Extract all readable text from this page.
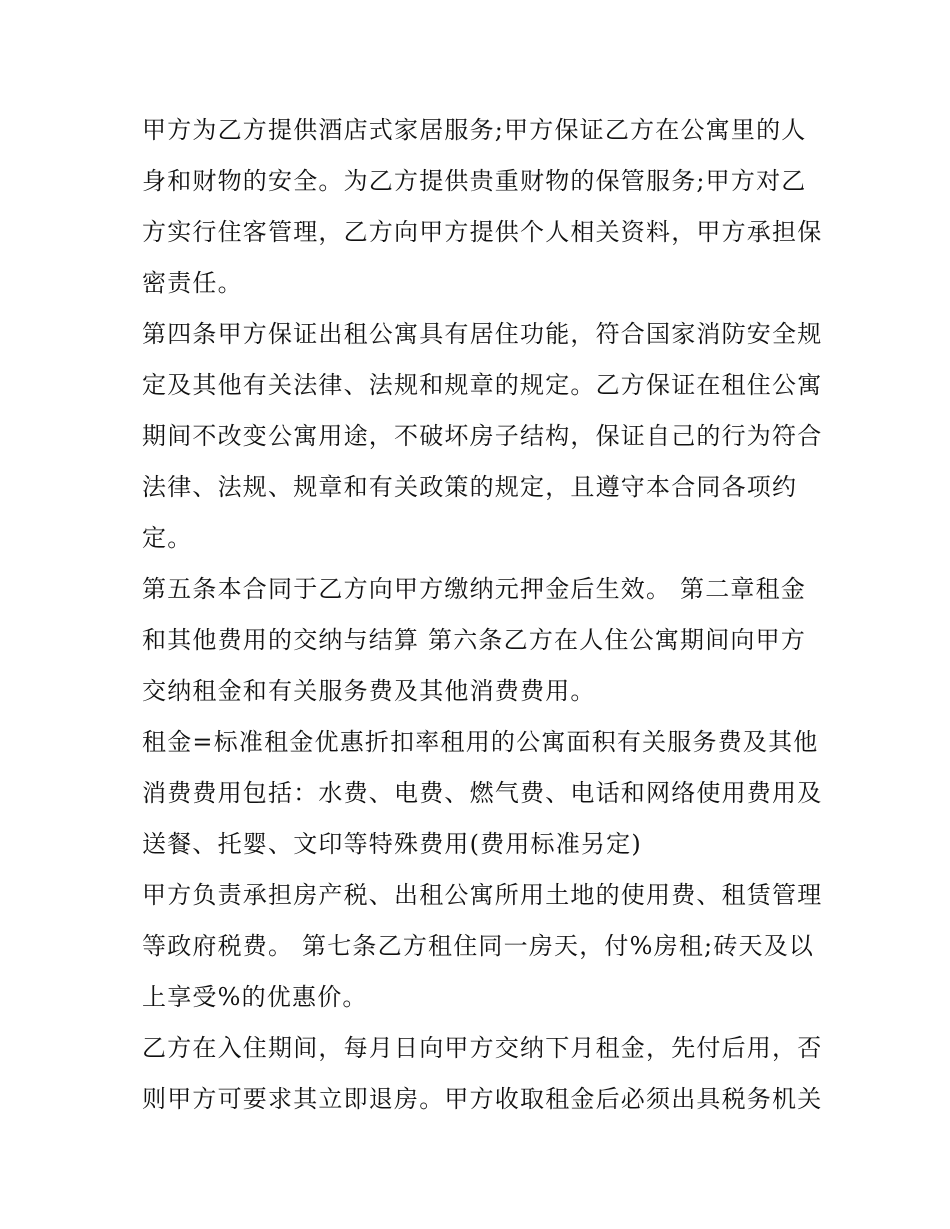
甲方为乙方提供酒店式家居服务;甲方保证乙方在公寓里的人
身和财物的安全。为乙方提供贵重财物的保管服务;甲方对乙
方实行住客管理，乙方向甲方提供个人相关资料，甲方承担保
密责任。
第四条甲方保证出租公寓具有居住功能，符合国家消防安全规
定及其他有关法律、法规和规章的规定。乙方保证在租住公寓
期间不改变公寓用途，不破坏房子结构，保证自己的行为符合
法律、法规、规章和有关政策的规定，且遵守本合同各项约
定。
第五条本合同于乙方向甲方缴纳元押金后生效。 第二章租金
和其他费用的交纳与结算 第六条乙方在人住公寓期间向甲方
交纳租金和有关服务费及其他消费费用。
租金=标准租金优惠折扣率租用的公寓面积有关服务费及其他
消费费用包括：水费、电费、燃气费、电话和网络使用费用及
送餐、托婴、文印等特殊费用(费用标准另定)
甲方负责承担房产税、出租公寓所用土地的使用费、租赁管理
等政府税费。 第七条乙方租住同一房天，付%房租;砖天及以
上享受%的优惠价。
乙方在入住期间，每月日向甲方交纳下月租金，先付后用，否
则甲方可要求其立即退房。甲方收取租金后必须出具税务机关
